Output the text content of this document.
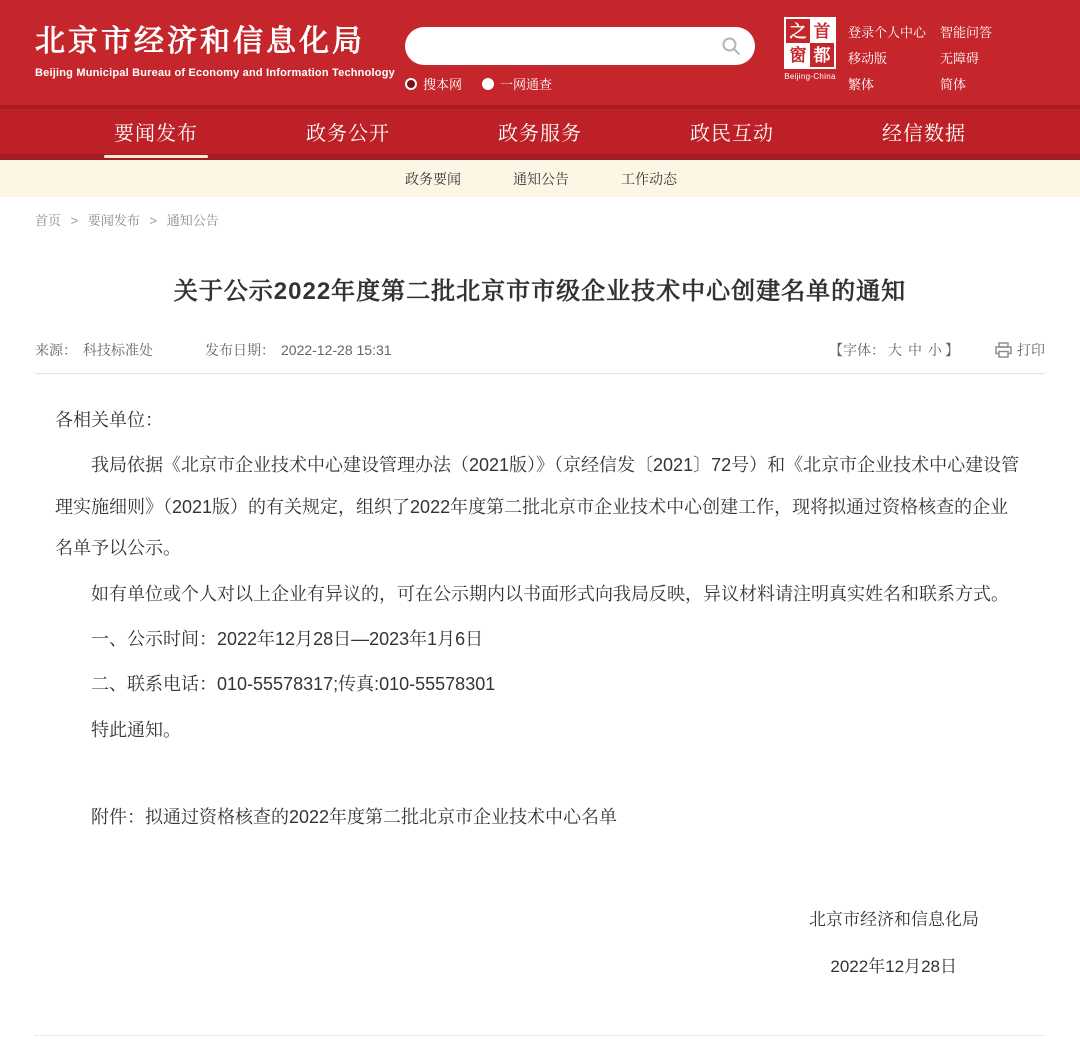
北京市经济和信息化局
Beijing Municipal Bureau of Economy and Information Technology
搜本网	一网通查
之 首
窗 都
Beijing-China
登录个人中心	智能问答
移动版	无障碍
繁体	简体
要闻发布	政务公开	政务服务	政民互动	经信数据
政务要闻	通知公告	工作动态
首页 > 要闻发布 > 通知公告
关于公示2022年度第二批北京市市级企业技术中心创建名单的通知
来源： 科技标准处	发布日期： 2022-12-28 15:31	【字体： 大 中 小 】	打印

各相关单位：

我局依据《北京市企业技术中心建设管理办法（2021版）》（京经信发〔2021〕72号）和《北京市企业技术中心建设管理实施细则》（2021版）的有关规定，组织了2022年度第二批北京市企业技术中心创建工作，现将拟通过资格核查的企业名单予以公示。

如有单位或个人对以上企业有异议的，可在公示期内以书面形式向我局反映，异议材料请注明真实姓名和联系方式。

一、公示时间：2022年12月28日—2023年1月6日

二、联系电话：010-55578317;传真:010-55578301

特此通知。

附件：拟通过资格核查的2022年度第二批北京市企业技术中心名单

北京市经济和信息化局
2022年12月28日
